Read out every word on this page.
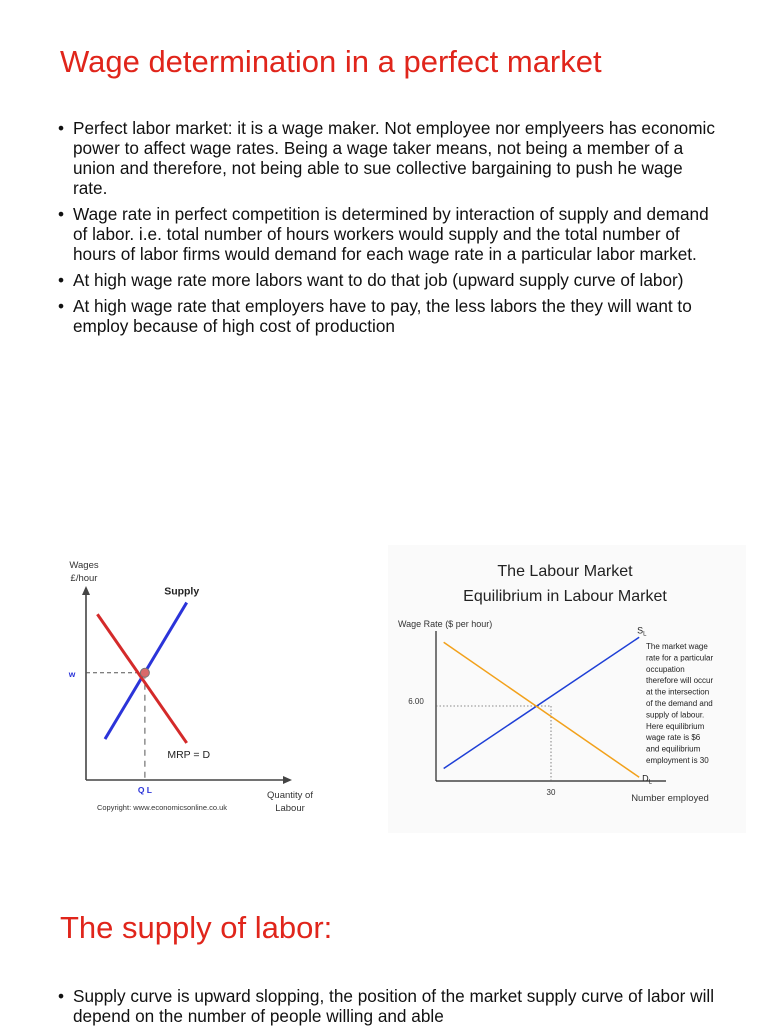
Wage determination in a perfect market
• Perfect labor market: it is a wage maker. Not employee nor emplyeers has economic power to affect wage rates. Being a wage taker means, not being a member of a union and therefore, not being able to sue collective bargaining to push he wage rate.
• Wage rate in perfect competition is determined by interaction of supply and demand of labor. i.e. total number of hours workers would supply and the total number of hours of labor firms would demand for each wage rate in a particular labor market.
• At high wage rate more labors want to do that job (upward supply curve of labor)
• At high wage rate that employers have to pay, the less labors the they will want to employ because of high cost of production
Wages
£/hour
Supply
MRP = D
w
Q L	Quantity of
Labour
Copyright: www.economicsonline.co.uk
The Labour Market
Equilibrium in Labour Market
Wage Rate ($ per hour)
30
6.00
$S_L$
$D_L$
Number employed
The market wage
rate for a particular
occupation
therefore will occur
at the intersection
of the demand and
supply of labour.
Here equilibrium
wage rate is $6
and equilibrium
employment is 30
The supply of labor:
• Supply curve is upward slopping, the position of the market supply curve of labor will depend on the number of people willing and able
